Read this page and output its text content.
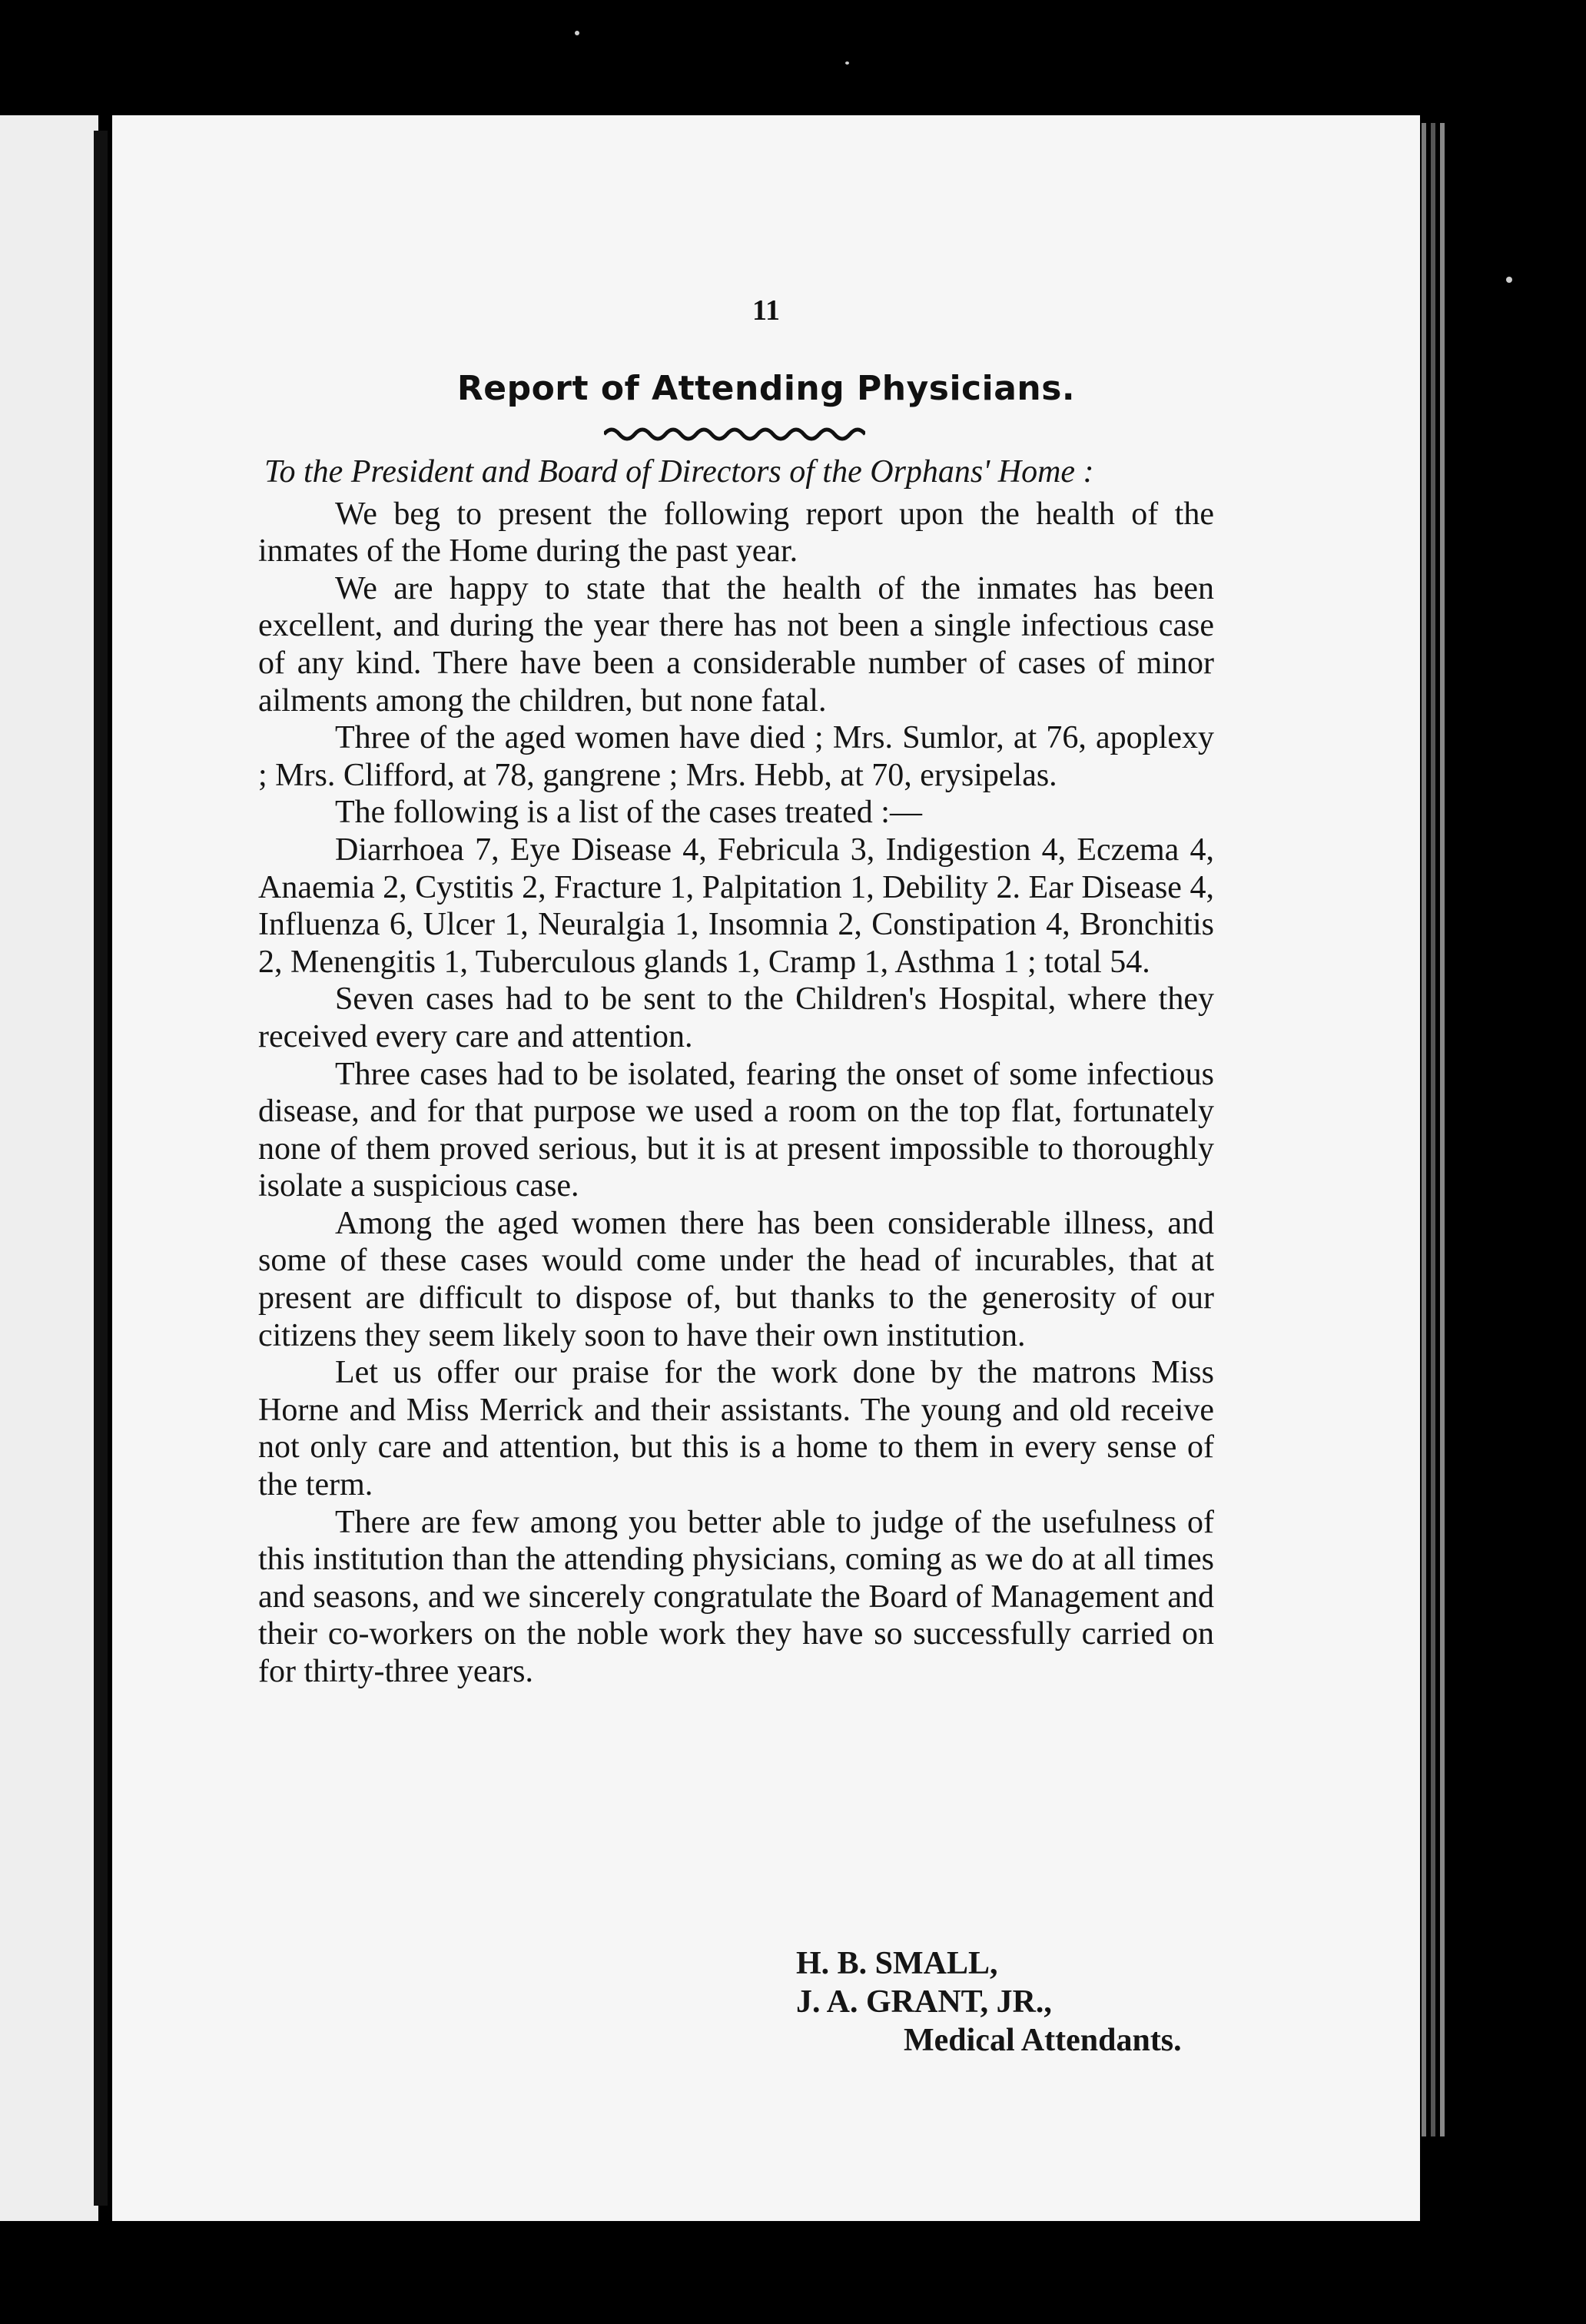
11
Report of Attending Physicians.
To the President and Board of Directors of the Orphans' Home :

We beg to present the following report upon the health of the inmates of the Home during the past year.

We are happy to state that the health of the inmates has been excellent, and during the year there has not been a single infectious case of any kind. There have been a considerable number of cases of minor ailments among the children, but none fatal.

Three of the aged women have died ; Mrs. Sumlor, at 76, apoplexy ; Mrs. Clifford, at 78, gangrene ; Mrs. Hebb, at 70, erysipelas.

The following is a list of the cases treated :—

Diarrhoea 7, Eye Disease 4, Febricula 3, Indigestion 4, Eczema 4, Anaemia 2, Cystitis 2, Fracture 1, Palpitation 1, Debility 2. Ear Disease 4, Influenza 6, Ulcer 1, Neuralgia 1, Insomnia 2, Constipation 4, Bronchitis 2, Menengitis 1, Tuberculous glands 1, Cramp 1, Asthma 1 ; total 54.

Seven cases had to be sent to the Children's Hospital, where they received every care and attention.

Three cases had to be isolated, fearing the onset of some infectious disease, and for that purpose we used a room on the top flat, fortunately none of them proved serious, but it is at present impossible to thoroughly isolate a suspicious case.

Among the aged women there has been considerable illness, and some of these cases would come under the head of incurables, that at present are difficult to dispose of, but thanks to the generosity of our citizens they seem likely soon to have their own institution.

Let us offer our praise for the work done by the matrons Miss Horne and Miss Merrick and their assistants. The young and old receive not only care and attention, but this is a home to them in every sense of the term.

There are few among you better able to judge of the usefulness of this institution than the attending physicians, coming as we do at all times and seasons, and we sincerely congratulate the Board of Management and their co-workers on the noble work they have so successfully carried on for thirty-three years.

H. B. SMALL,
J. A. GRANT, JR.,
Medical Attendants.
